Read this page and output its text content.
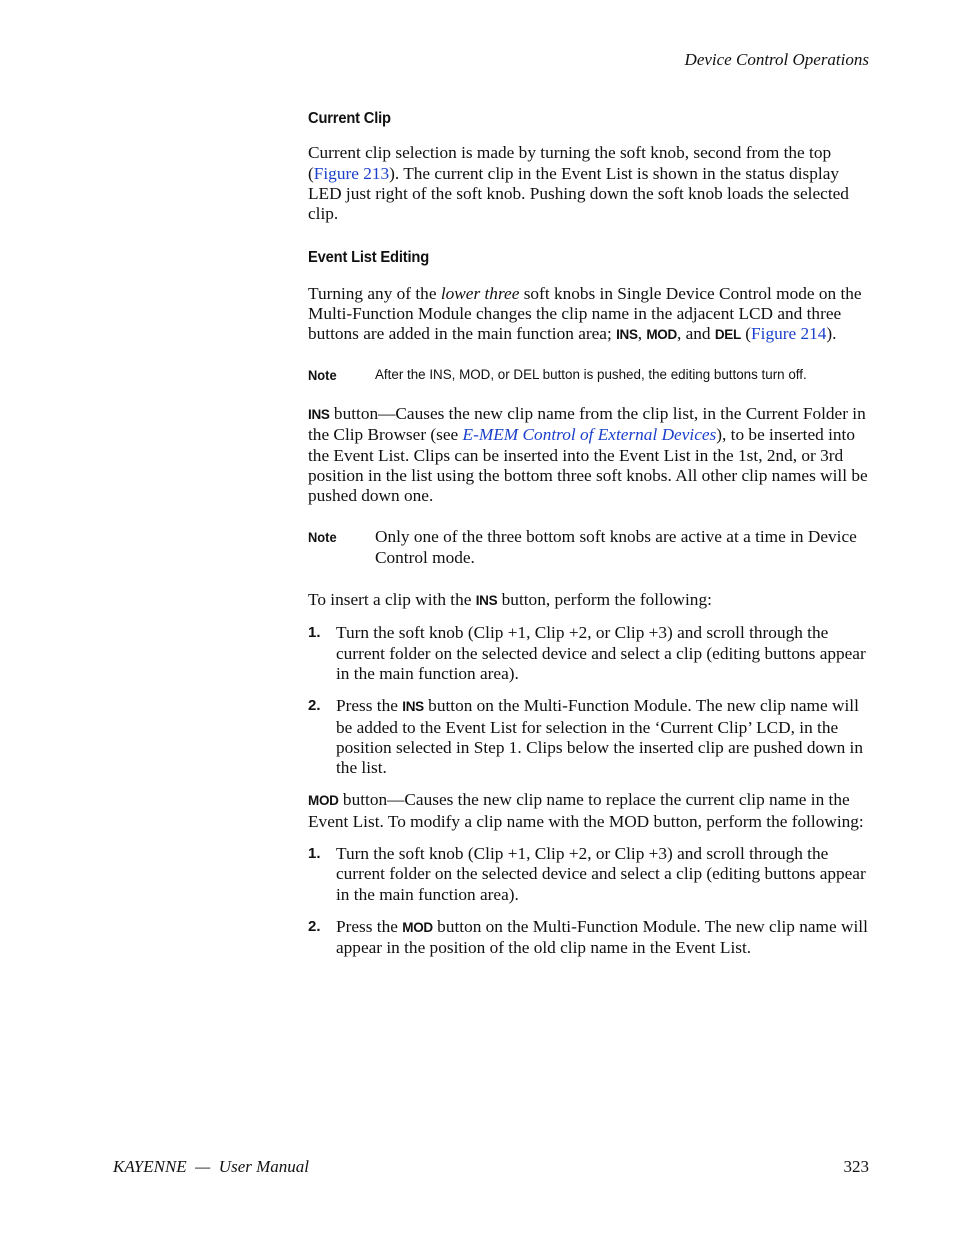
Device Control Operations
Current Clip

Current clip selection is made by turning the soft knob, second from the top (Figure 213). The current clip in the Event List is shown in the status display LED just right of the soft knob. Pushing down the soft knob loads the selected clip.

Event List Editing

Turning any of the lower three soft knobs in Single Device Control mode on the Multi-Function Module changes the clip name in the adjacent LCD and three buttons are added in the main function area; INS, MOD, and DEL (Figure 214).

Note	After the INS, MOD, or DEL button is pushed, the editing buttons turn off.

INS button—Causes the new clip name from the clip list, in the Current Folder in the Clip Browser (see E-MEM Control of External Devices), to be inserted into the Event List. Clips can be inserted into the Event List in the 1st, 2nd, or 3rd position in the list using the bottom three soft knobs. All other clip names will be pushed down one.

Note	Only one of the three bottom soft knobs are active at a time in Device Control mode.

To insert a clip with the INS button, perform the following:

1. Turn the soft knob (Clip +1, Clip +2, or Clip +3) and scroll through the current folder on the selected device and select a clip (editing buttons appear in the main function area).
2. Press the INS button on the Multi-Function Module. The new clip name will be added to the Event List for selection in the ‘Current Clip’ LCD, in the position selected in Step 1. Clips below the inserted clip are pushed down in the list.

MOD button—Causes the new clip name to replace the current clip name in the Event List. To modify a clip name with the MOD button, perform the following:

1. Turn the soft knob (Clip +1, Clip +2, or Clip +3) and scroll through the current folder on the selected device and select a clip (editing buttons appear in the main function area).
2. Press the MOD button on the Multi-Function Module. The new clip name will appear in the position of the old clip name in the Event List.
KAYENNE  —  User Manual	323
